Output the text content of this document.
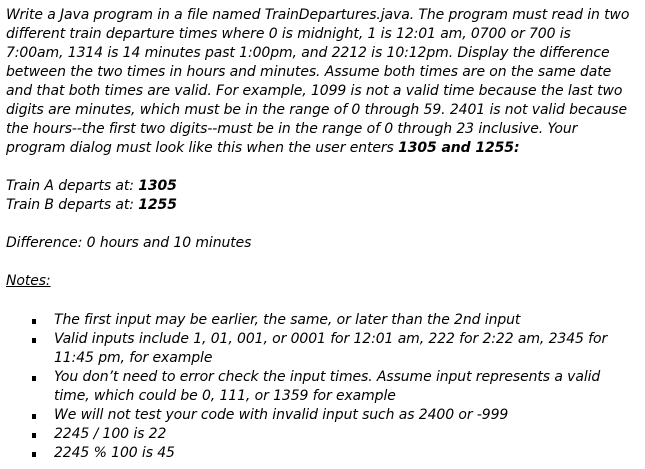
Write a Java program in a file named TrainDepartures.java. The program must read in two different train departure times where 0 is midnight, 1 is 12:01 am, 0700 or 700 is 7:00am, 1314 is 14 minutes past 1:00pm, and 2212 is 10:12pm. Display the difference between the two times in hours and minutes. Assume both times are on the same date and that both times are valid. For example, 1099 is not a valid time because the last two digits are minutes, which must be in the range of 0 through 59. 2401 is not valid because the hours--the first two digits--must be in the range of 0 through 23 inclusive. Your program dialog must look like this when the user enters 1305 and 1255:

Train A departs at: 1305

Train B departs at: 1255

Difference: 0 hours and 10 minutes

Notes:

The first input may be earlier, the same, or later than the 2nd input
Valid inputs include 1, 01, 001, or 0001 for 12:01 am, 222 for 2:22 am, 2345 for 11:45 pm, for example
You don’t need to error check the input times. Assume input represents a valid time, which could be 0, 111, or 1359 for example
We will not test your code with invalid input such as 2400 or -999
2245 / 100 is 22
2245 % 100 is 45
